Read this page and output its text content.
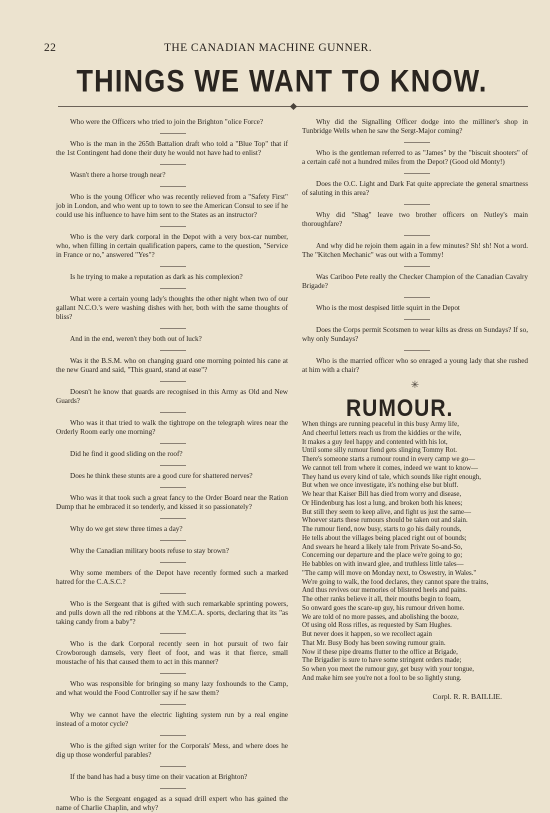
22	THE CANADIAN MACHINE GUNNER.
THINGS WE WANT TO KNOW.
Who were the Officers who tried to join the Brighton "olice Force?
Who is the man in the 265th Battalion draft who told a "Blue Top" that if the 1st Contingent had done their duty he would not have had to enlist?
Wasn't there a horse trough near?
Who is the young Officer who was recently relieved from a "Safety First" job in London, and who went up to town to see the American Consul to see if he could use his influence to have him sent to the States as an instructor?
Who is the very dark corporal in the Depot with a very box-car number, who, when filling in certain qualification papers, came to the question, "Service in France or no," answered "Yes"?
Is he trying to make a reputation as dark as his complexion?
What were a certain young lady's thoughts the other night when two of our gallant N.C.O.'s were washing dishes with her, both with the same thoughts of bliss?
And in the end, weren't they both out of luck?
Was it the B.S.M. who on changing guard one morning pointed his cane at the new Guard and said, "This guard, stand at ease"?
Doesn't he know that guards are recognised in this Army as Old and New Guards?
Who was it that tried to walk the tightrope on the telegraph wires near the Orderly Room early one morning?
Did he find it good sliding on the roof?
Does he think these stunts are a good cure for shattered nerves?
Who was it that took such a great fancy to the Order Board near the Ration Dump that he embraced it so tenderly, and kissed it so passionately?
Why do we get stew three times a day?
Why the Canadian military boots refuse to stay brown?
Why some members of the Depot have recently formed such a marked hatred for the C.A.S.C.?
Who is the Sergeant that is gifted with such remarkable sprinting powers, and pulls down all the red ribbons at the Y.M.C.A. sports, declaring that its "as taking candy from a baby"?
Who is the dark Corporal recently seen in hot pursuit of two fair Crowborough damsels, very fleet of foot, and was it that fierce, small moustache of his that caused them to act in this manner?
Who was responsible for bringing so many lazy foxhounds to the Camp, and what would the Food Controller say if he saw them?
Why we cannot have the electric lighting system run by a real engine instead of a motor cycle?
Who is the gifted sign writer for the Corporals' Mess, and where does he dig up those wonderful parables?
If the band has had a busy time on their vacation at Brighton?
Who is the Sergeant engaged as a squad drill expert who has gained the name of Charlie Chaplin, and why?
Why did the Signalling Officer dodge into the milliner's shop in Tunbridge Wells when he saw the Sergt-Major coming?
Who is the gentleman referred to as "James" by the "biscuit shooters" of a certain café not a hundred miles from the Depot? (Good old Monty!)
Does the O.C. Light and Dark Fat quite appreciate the general smartness of saluting in this area?
Why did "Shag" leave two brother officers on Nutley's main thoroughfare?
And why did he rejoin them again in a few minutes? Sh! sh! Not a word. The "Kitchen Mechanic" was out with a Tommy!
Was Cariboo Pete really the Checker Champion of the Canadian Cavalry Brigade?
Who is the most despised little squirt in the Depot
Does the Corps permit Scotsmen to wear kilts as dress on Sundays? If so, why only Sundays?
Who is the married officer who so enraged a young lady that she rushed at him with a chair?
✳
RUMOUR.
When things are running peaceful in this busy Army life,
And cheerful letters reach us from the kiddies or the wife,
It makes a guy feel happy and contented with his lot,
Until some silly rumour fiend gets slinging Tommy Rot.
There's someone starts a rumour round in every camp we go—
We cannot tell from where it comes, indeed we want to know—
They hand us every kind of tale, which sounds like right enough,
But when we once investigate, it's nothing else but bluff.
We hear that Kaiser Bill has died from worry and disease,
Or Hindenburg has lost a lung, and broken both his knees;
But still they seem to keep alive, and fight us just the same—
Whoever starts these rumours should be taken out and slain.
The rumour fiend, now busy, starts to go his daily rounds,
He tells about the villages being placed right out of bounds;
And swears he heard a likely tale from Private So-and-So,
Concerning our departure and the place we're going to go;
He babbles on with inward glee, and truthless little tales—
"The camp will move on Monday next, to Oswestry, in Wales."
We're going to walk, the food declares, they cannot spare the trains,
And thus revives our memories of blistered heels and pains.
The other ranks believe it all, their mouths begin to foam,
So onward goes the scare-up guy, his rumour driven home.
We are told of no more passes, and abolishing the booze,
Of using old Ross rifles, as requested by Sam Hughes.
But never does it happen, so we recollect again
That Mr. Busy Body has been sowing rumour grain.
Now if these pipe dreams flutter to the office at Brigade,
The Brigadier is sure to have some stringent orders made;
So when you meet the rumour guy, get busy with your tongue,
And make him see you're not a fool to be so lightly stung.
Corpl. R. R. BAILLIE.
